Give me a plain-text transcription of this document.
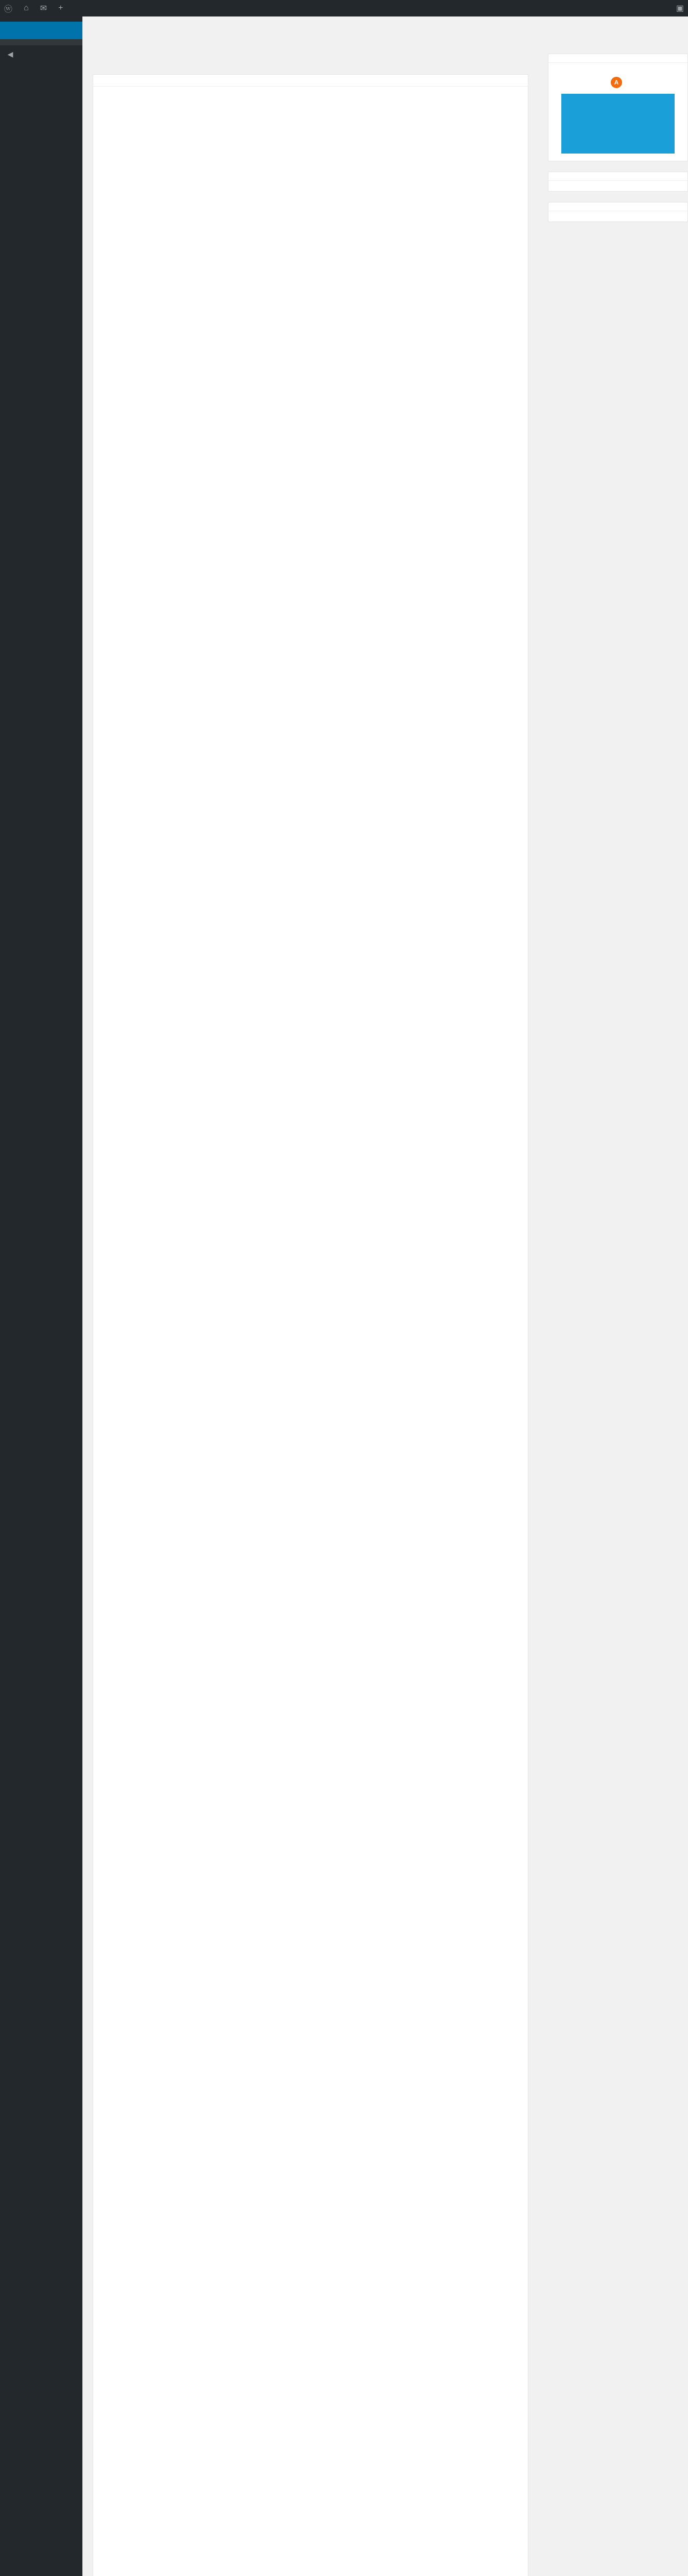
ⓦ ⌂ ✉ +	▣
◀
A
